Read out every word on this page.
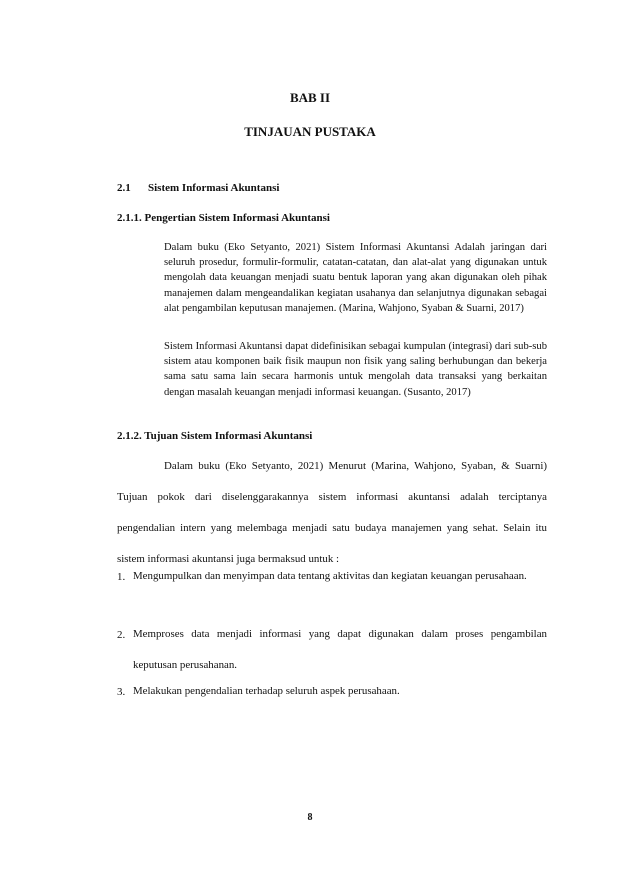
BAB II
TINJAUAN PUSTAKA
2.1 Sistem Informasi Akuntansi
2.1.1. Pengertian Sistem Informasi Akuntansi
Dalam buku (Eko Setyanto, 2021) Sistem Informasi Akuntansi Adalah jaringan dari seluruh prosedur, formulir-formulir, catatan-catatan, dan alat-alat yang digunakan untuk mengolah data keuangan menjadi suatu bentuk laporan yang akan digunakan oleh pihak manajemen dalam mengeandalikan kegiatan usahanya dan selanjutnya digunakan sebagai alat pengambilan keputusan manajemen. (Marina, Wahjono, Syaban & Suarni, 2017)
Sistem Informasi Akuntansi dapat didefinisikan sebagai kumpulan (integrasi) dari sub-sub sistem atau komponen baik fisik maupun non fisik yang saling berhubungan dan bekerja sama satu sama lain secara harmonis untuk mengolah data transaksi yang berkaitan dengan masalah keuangan menjadi informasi keuangan. (Susanto, 2017)
2.1.2. Tujuan Sistem Informasi Akuntansi
Dalam buku (Eko Setyanto, 2021) Menurut (Marina, Wahjono, Syaban, & Suarni) Tujuan pokok dari diselenggarakannya sistem informasi akuntansi adalah terciptanya pengendalian intern yang melembaga menjadi satu budaya manajemen yang sehat. Selain itu sistem informasi akuntansi juga bermaksud untuk :
1. Mengumpulkan dan menyimpan data tentang aktivitas dan kegiatan keuangan perusahaan.
2. Memproses data menjadi informasi yang dapat digunakan dalam proses pengambilan keputusan perusahanan.
3. Melakukan pengendalian terhadap seluruh aspek perusahaan.
8
